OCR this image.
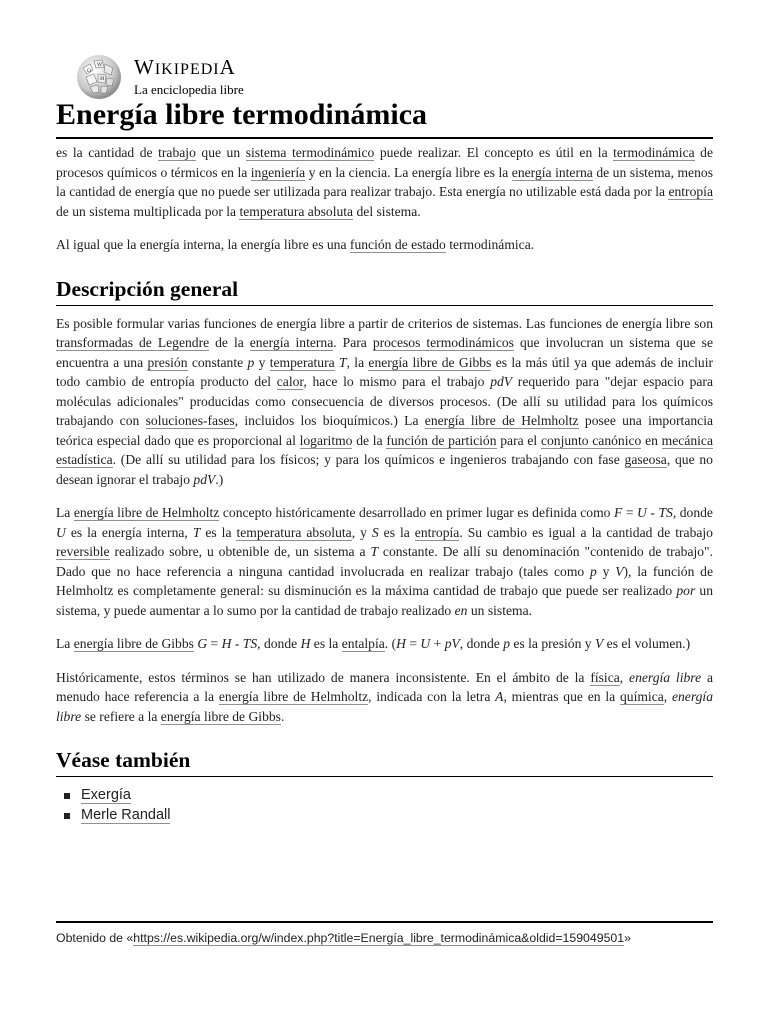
Ω
W
И WIKIPEDIA
La enciclopedia libre
Energía libre termodinámica

es la cantidad de trabajo que un sistema termodinámico puede realizar. El concepto es útil en la termodinámica de procesos químicos o térmicos en la ingeniería y en la ciencia. La energía libre es la energía interna de un sistema, menos la cantidad de energía que no puede ser utilizada para realizar trabajo. Esta energía no utilizable está dada por la entropía de un sistema multiplicada por la temperatura absoluta del sistema.

Al igual que la energía interna, la energía libre es una función de estado termodinámica.

Descripción general

Es posible formular varias funciones de energía libre a partir de criterios de sistemas. Las funciones de energía libre son transformadas de Legendre de la energía interna. Para procesos termodinámicos que involucran un sistema que se encuentra a una presión constante p y temperatura T, la energía libre de Gibbs es la más útil ya que además de incluir todo cambio de entropía producto del calor, hace lo mismo para el trabajo pdV requerido para "dejar espacio para moléculas adicionales" producidas como consecuencia de diversos procesos. (De allí su utilidad para los químicos trabajando con soluciones-fases, incluidos los bioquímicos.) La energía libre de Helmholtz posee una importancia teórica especial dado que es proporcional al logaritmo de la función de partición para el conjunto canónico en mecánica estadística. (De allí su utilidad para los físicos; y para los químicos e ingenieros trabajando con fase gaseosa, que no desean ignorar el trabajo pdV.)

La energía libre de Helmholtz concepto históricamente desarrollado en primer lugar es definida como F = U - TS, donde U es la energía interna, T es la temperatura absoluta, y S es la entropía. Su cambio es igual a la cantidad de trabajo reversible realizado sobre, u obtenible de, un sistema a T constante. De allí su denominación "contenido de trabajo". Dado que no hace referencia a ninguna cantidad involucrada en realizar trabajo (tales como p y V), la función de Helmholtz es completamente general: su disminución es la máxima cantidad de trabajo que puede ser realizado por un sistema, y puede aumentar a lo sumo por la cantidad de trabajo realizado en un sistema.

La energía libre de Gibbs G = H - TS, donde H es la entalpía. (H = U + pV, donde p es la presión y V es el volumen.)

Históricamente, estos términos se han utilizado de manera inconsistente. En el ámbito de la física, energía libre a menudo hace referencia a la energía libre de Helmholtz, indicada con la letra A, mientras que en la química, energía libre se refiere a la energía libre de Gibbs.

Véase también
Exergía
Merle Randall
Obtenido de «https://es.wikipedia.org/w/index.php?title=Energía_libre_termodinámica&oldid=159049501»
